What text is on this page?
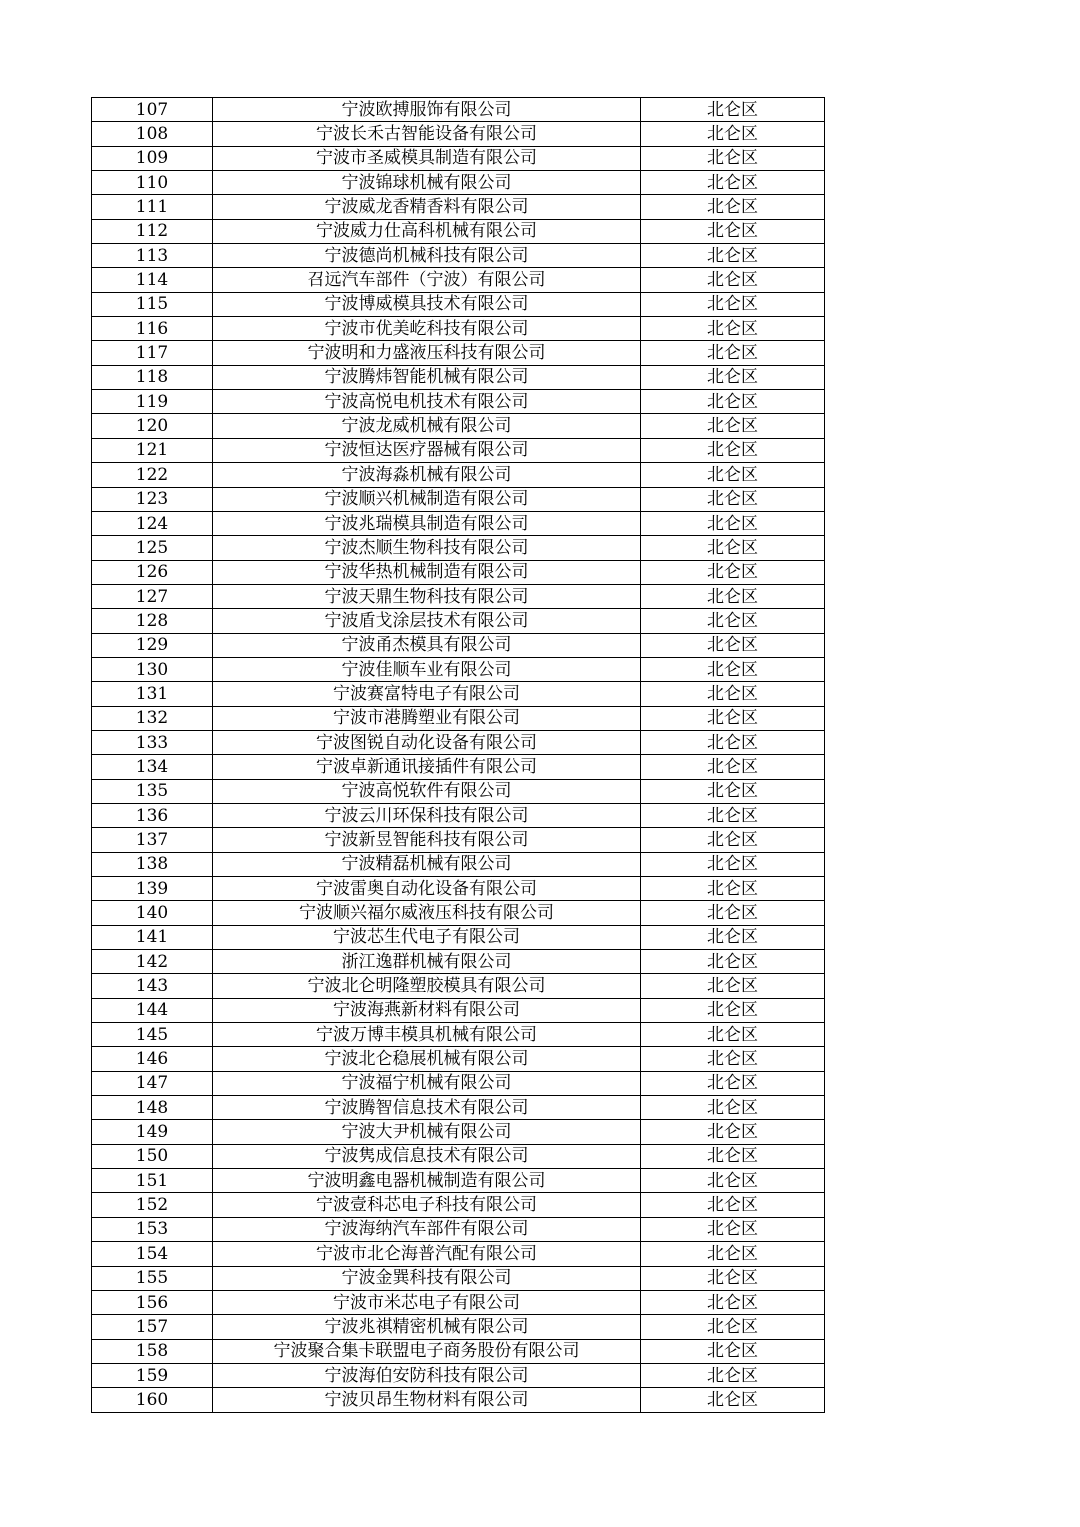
107	宁波欧搏服饰有限公司	北仑区
108	宁波长禾古智能设备有限公司	北仑区
109	宁波市圣威模具制造有限公司	北仑区
110	宁波锦球机械有限公司	北仑区
111	宁波威龙香精香料有限公司	北仑区
112	宁波威力仕高科机械有限公司	北仑区
113	宁波德尚机械科技有限公司	北仑区
114	召远汽车部件（宁波）有限公司	北仑区
115	宁波博威模具技术有限公司	北仑区
116	宁波市优美屹科技有限公司	北仑区
117	宁波明和力盛液压科技有限公司	北仑区
118	宁波腾炜智能机械有限公司	北仑区
119	宁波高悦电机技术有限公司	北仑区
120	宁波龙威机械有限公司	北仑区
121	宁波恒达医疗器械有限公司	北仑区
122	宁波海淼机械有限公司	北仑区
123	宁波顺兴机械制造有限公司	北仑区
124	宁波兆瑞模具制造有限公司	北仑区
125	宁波杰顺生物科技有限公司	北仑区
126	宁波华热机械制造有限公司	北仑区
127	宁波天鼎生物科技有限公司	北仑区
128	宁波盾戈涂层技术有限公司	北仑区
129	宁波甬杰模具有限公司	北仑区
130	宁波佳顺车业有限公司	北仑区
131	宁波赛富特电子有限公司	北仑区
132	宁波市港腾塑业有限公司	北仑区
133	宁波图锐自动化设备有限公司	北仑区
134	宁波卓新通讯接插件有限公司	北仑区
135	宁波高悦软件有限公司	北仑区
136	宁波云川环保科技有限公司	北仑区
137	宁波新昱智能科技有限公司	北仑区
138	宁波精磊机械有限公司	北仑区
139	宁波雷奥自动化设备有限公司	北仑区
140	宁波顺兴福尔威液压科技有限公司	北仑区
141	宁波芯生代电子有限公司	北仑区
142	浙江逸群机械有限公司	北仑区
143	宁波北仑明隆塑胶模具有限公司	北仑区
144	宁波海燕新材料有限公司	北仑区
145	宁波万博丰模具机械有限公司	北仑区
146	宁波北仑稳展机械有限公司	北仑区
147	宁波福宁机械有限公司	北仑区
148	宁波腾智信息技术有限公司	北仑区
149	宁波大尹机械有限公司	北仑区
150	宁波隽成信息技术有限公司	北仑区
151	宁波明鑫电器机械制造有限公司	北仑区
152	宁波壹科芯电子科技有限公司	北仑区
153	宁波海纳汽车部件有限公司	北仑区
154	宁波市北仑海普汽配有限公司	北仑区
155	宁波金巽科技有限公司	北仑区
156	宁波市米芯电子有限公司	北仑区
157	宁波兆祺精密机械有限公司	北仑区
158	宁波聚合集卡联盟电子商务股份有限公司	北仑区
159	宁波海伯安防科技有限公司	北仑区
160	宁波贝昂生物材料有限公司	北仑区
